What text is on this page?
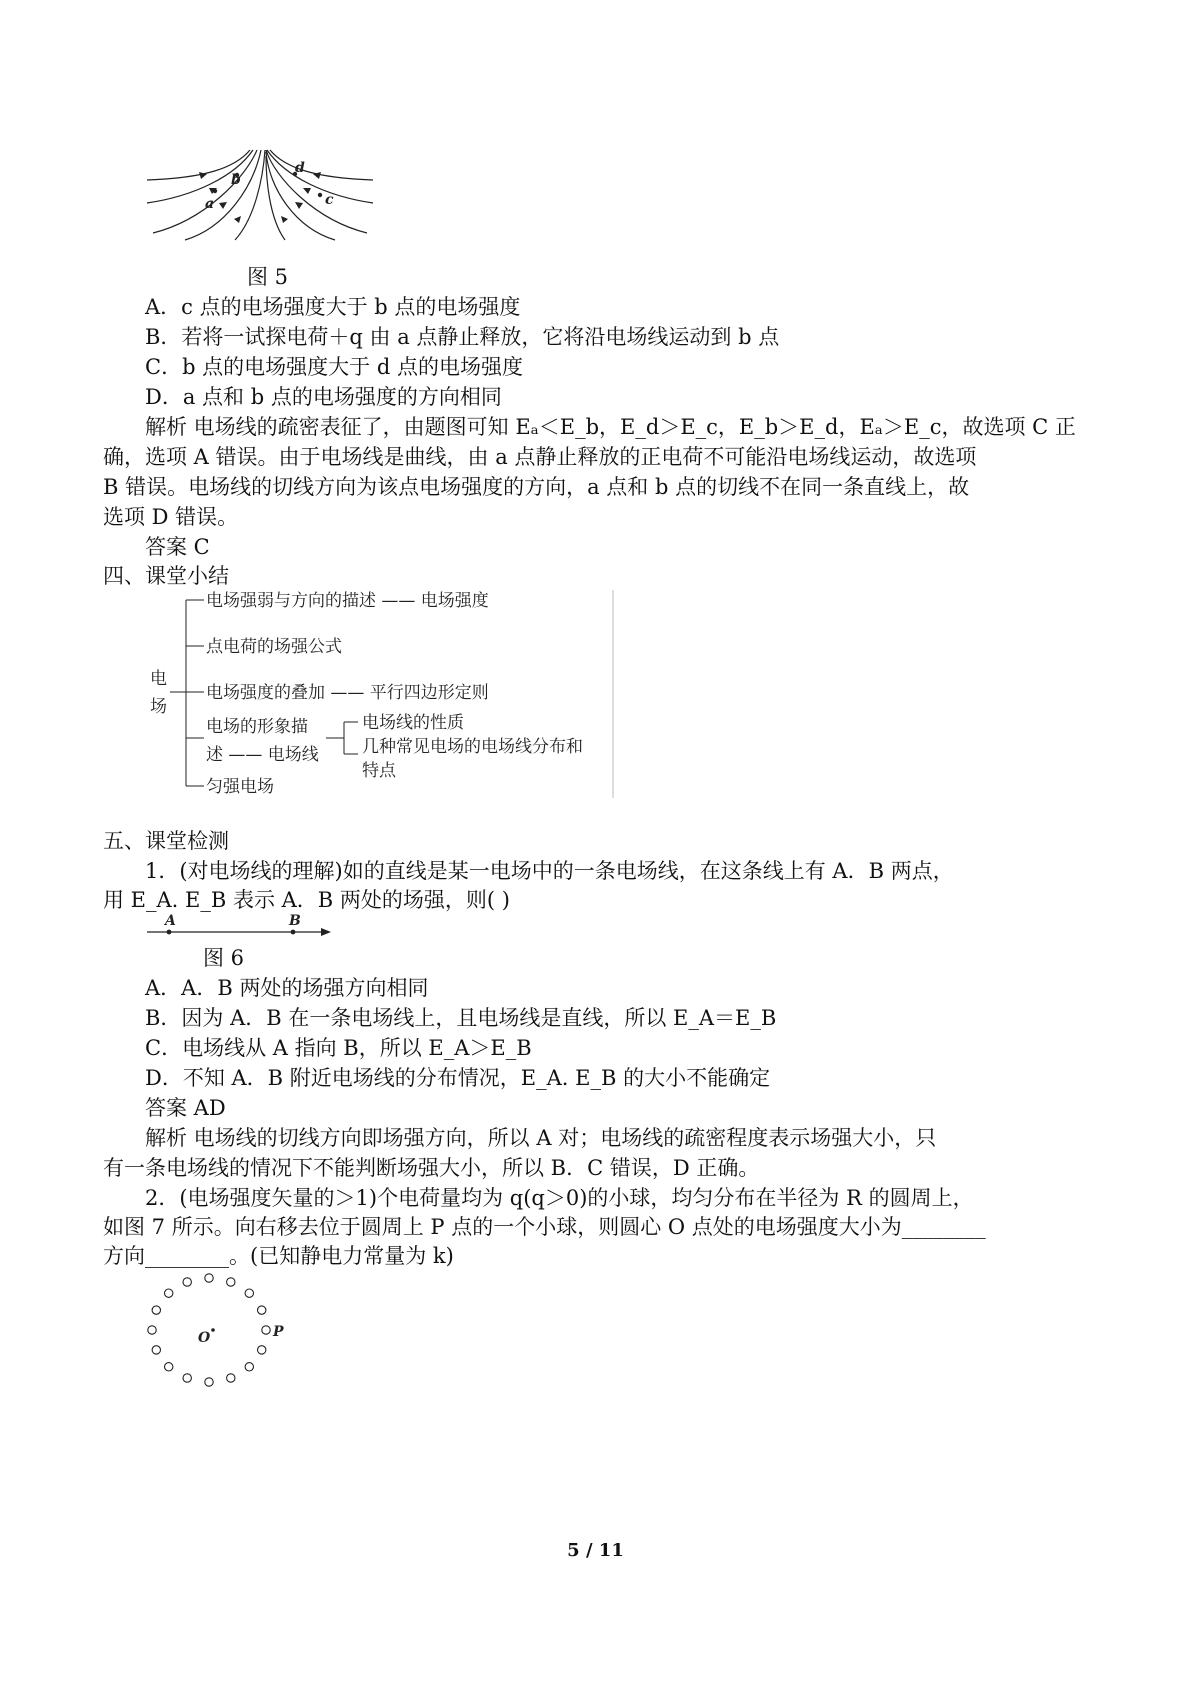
a
b
d
c
图 5
A．c 点的电场强度大于 b 点的电场强度
B．若将一试探电荷＋q 由 a 点静止释放，它将沿电场线运动到 b 点
C．b 点的电场强度大于 d 点的电场强度
D．a 点和 b 点的电场强度的方向相同
解析 电场线的疏密表征了，由题图可知 Eₐ＜E_b，E_d＞E_c，E_b＞E_d，Eₐ＞E_c，故选项 C 正
确，选项 A 错误。由于电场线是曲线，由 a 点静止释放的正电荷不可能沿电场线运动，故选项
B 错误。电场线的切线方向为该点电场强度的方向，a 点和 b 点的切线不在同一条直线上，故
选项 D 错误。
答案 C
四、课堂小结
电
场
电场强弱与方向的描述 —— 电场强度
点电荷的场强公式
电场强度的叠加 —— 平行四边形定则
电场的形象描
述 —— 电场线
电场线的性质
几种常见电场的电场线分布和
特点
匀强电场
五、课堂检测
1．(对电场线的理解)如的直线是某一电场中的一条电场线，在这条线上有 A．B 两点，
用 E_A. E_B 表示 A．B 两处的场强，则( )
A	B
图 6
A．A．B 两处的场强方向相同
B．因为 A．B 在一条电场线上，且电场线是直线，所以 E_A＝E_B
C．电场线从 A 指向 B，所以 E_A＞E_B
D．不知 A．B 附近电场线的分布情况，E_A. E_B 的大小不能确定
答案 AD
解析 电场线的切线方向即场强方向，所以 A 对；电场线的疏密程度表示场强大小，只
有一条电场线的情况下不能判断场强大小，所以 B．C 错误，D 正确。
2．(电场强度矢量的＞1)个电荷量均为 q(q＞0)的小球，均匀分布在半径为 R 的圆周上，
如图 7 所示。向右移去位于圆周上 P 点的一个小球，则圆心 O 点处的电场强度大小为________
方向________。(已知静电力常量为 k)
O	P
5 / 11
